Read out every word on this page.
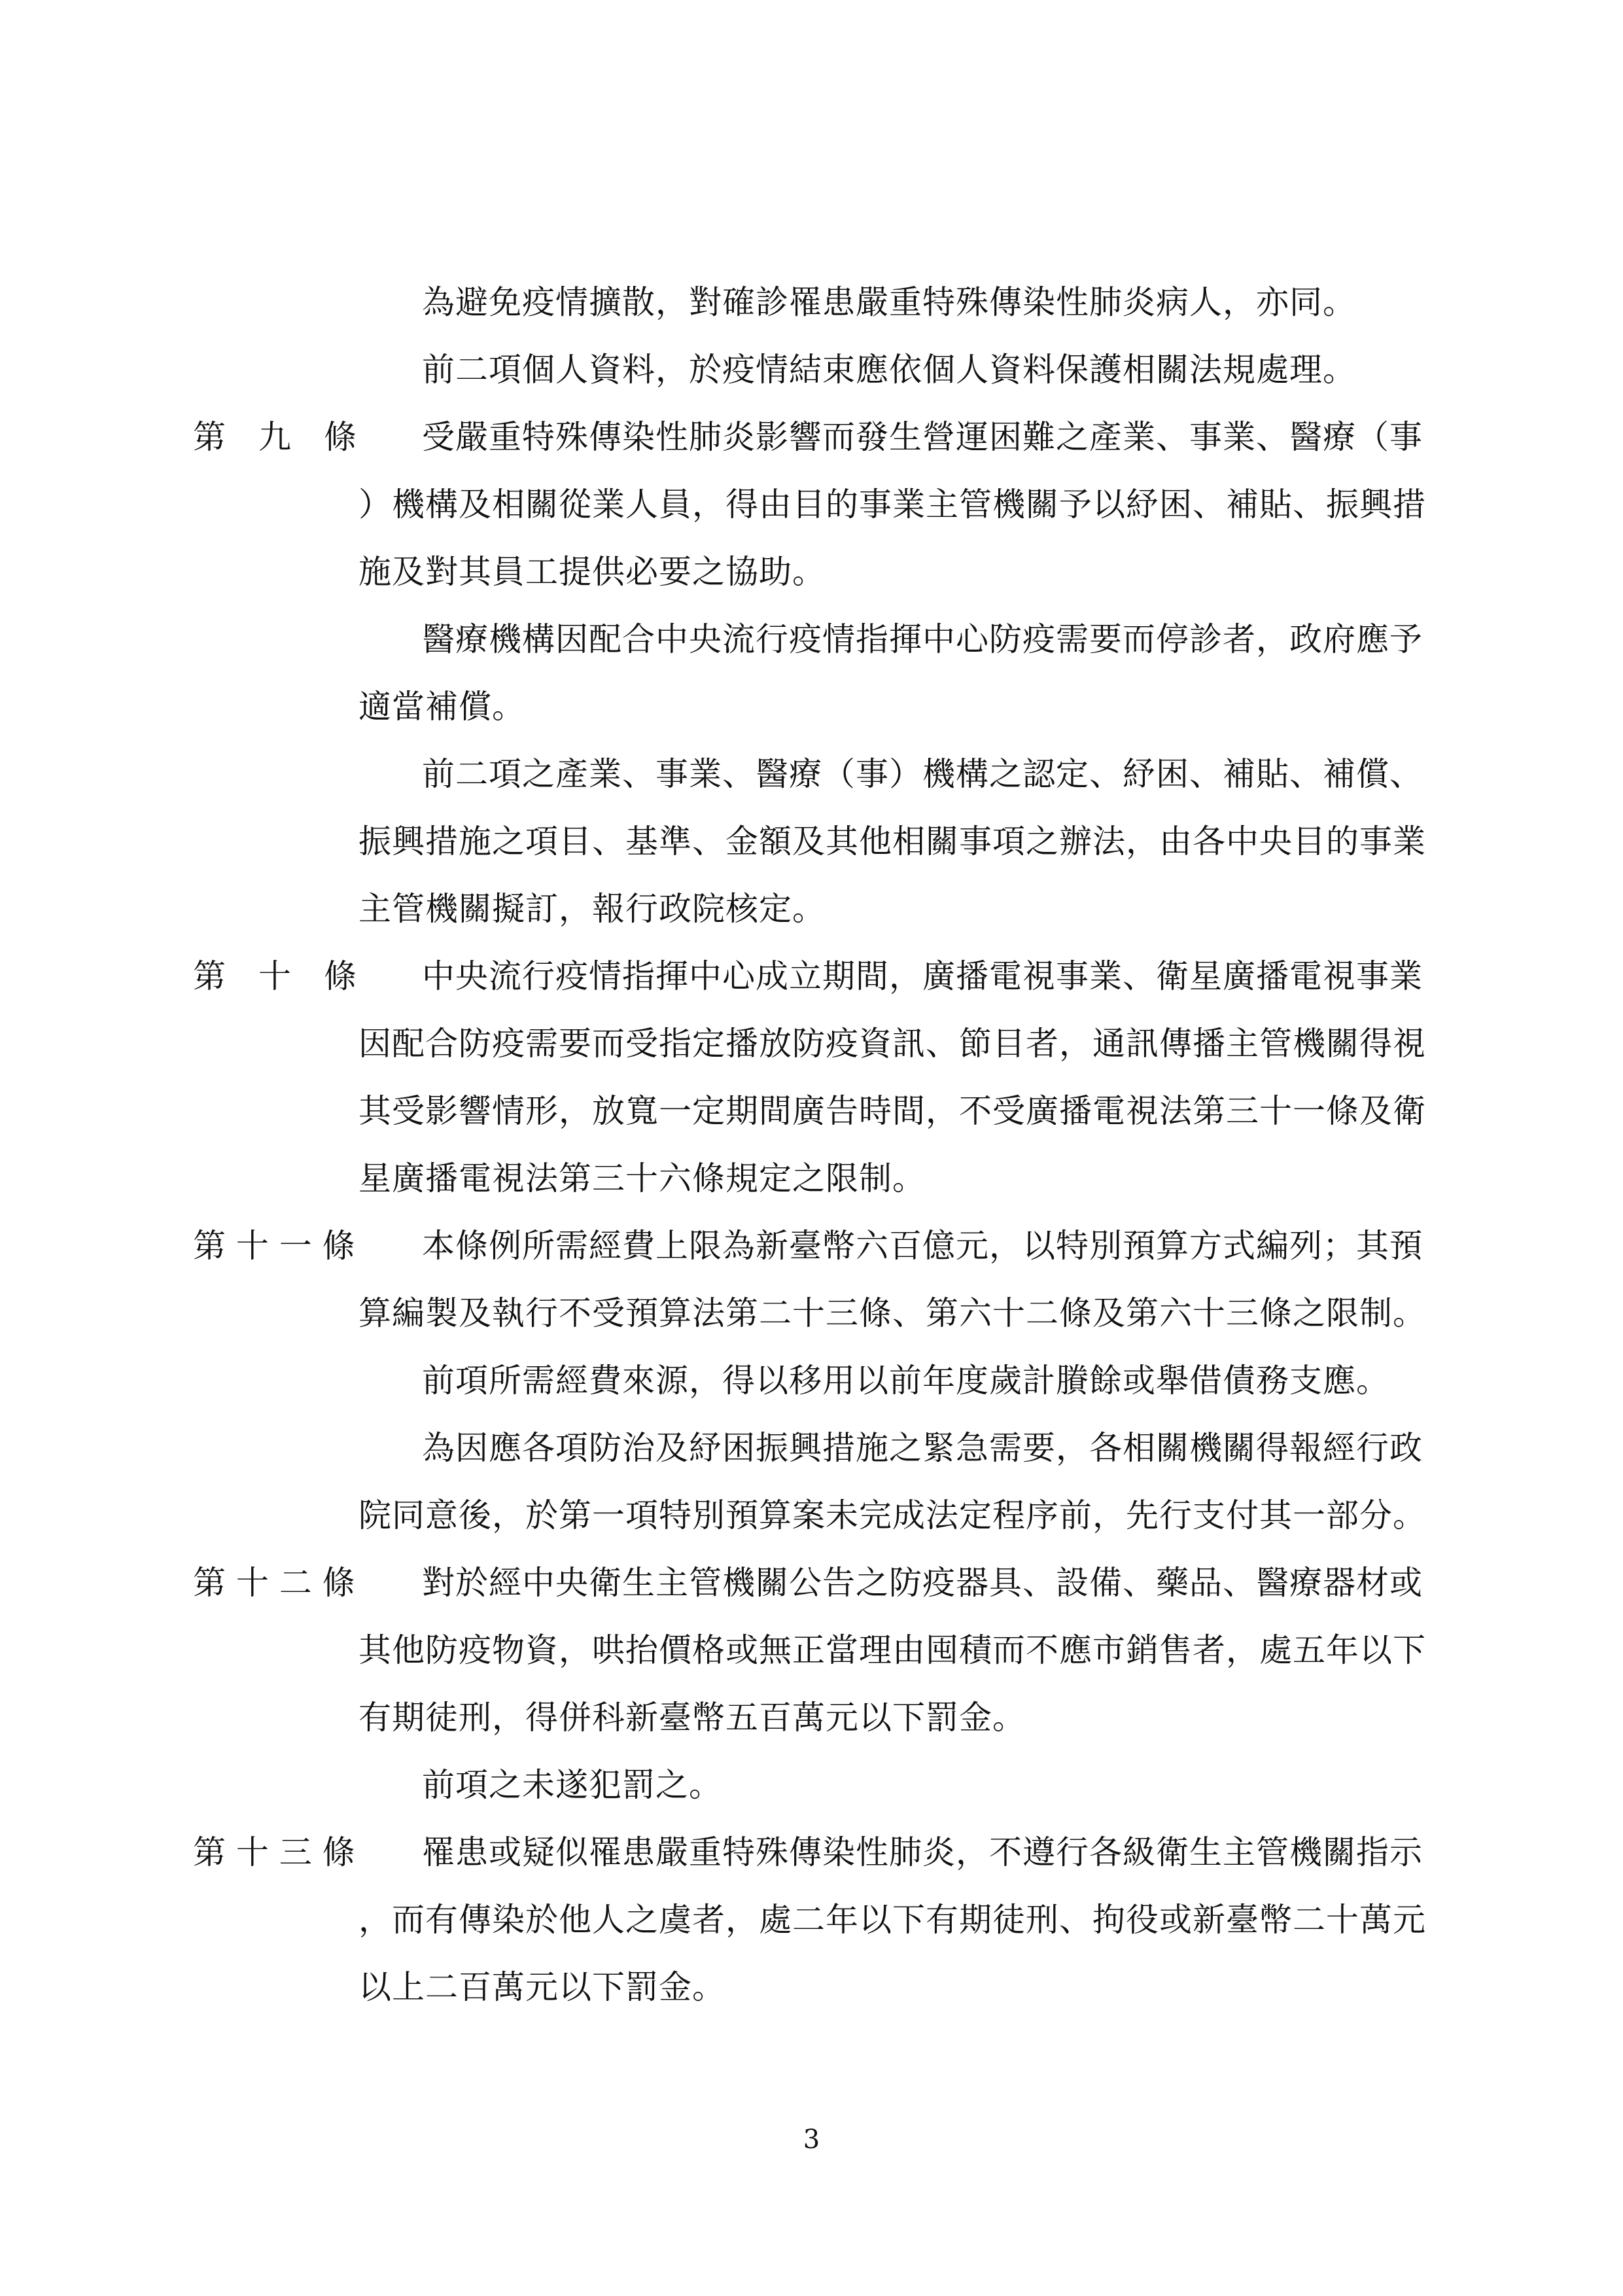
為避免疫情擴散，對確診罹患嚴重特殊傳染性肺炎病人，亦同。
前二項個人資料，於疫情結束應依個人資料保護相關法規處理。
第　九　條 受嚴重特殊傳染性肺炎影響而發生營運困難之產業、事業、醫療（事
）機構及相關從業人員，得由目的事業主管機關予以紓困、補貼、振興措
施及對其員工提供必要之協助。
醫療機構因配合中央流行疫情指揮中心防疫需要而停診者，政府應予
適當補償。
前二項之產業、事業、醫療（事）機構之認定、紓困、補貼、補償、
振興措施之項目、基準、金額及其他相關事項之辦法，由各中央目的事業
主管機關擬訂，報行政院核定。
第　十　條 中央流行疫情指揮中心成立期間，廣播電視事業、衛星廣播電視事業
因配合防疫需要而受指定播放防疫資訊、節目者，通訊傳播主管機關得視
其受影響情形，放寬一定期間廣告時間，不受廣播電視法第三十一條及衛
星廣播電視法第三十六條規定之限制。
第 十 一 條 本條例所需經費上限為新臺幣六百億元，以特別預算方式編列；其預
算編製及執行不受預算法第二十三條、第六十二條及第六十三條之限制。
前項所需經費來源，得以移用以前年度歲計賸餘或舉借債務支應。
為因應各項防治及紓困振興措施之緊急需要，各相關機關得報經行政
院同意後，於第一項特別預算案未完成法定程序前，先行支付其一部分。
第 十 二 條 對於經中央衛生主管機關公告之防疫器具、設備、藥品、醫療器材或
其他防疫物資，哄抬價格或無正當理由囤積而不應市銷售者，處五年以下
有期徒刑，得併科新臺幣五百萬元以下罰金。
前項之未遂犯罰之。
第 十 三 條 罹患或疑似罹患嚴重特殊傳染性肺炎，不遵行各級衛生主管機關指示
，而有傳染於他人之虞者，處二年以下有期徒刑、拘役或新臺幣二十萬元
以上二百萬元以下罰金。
3
